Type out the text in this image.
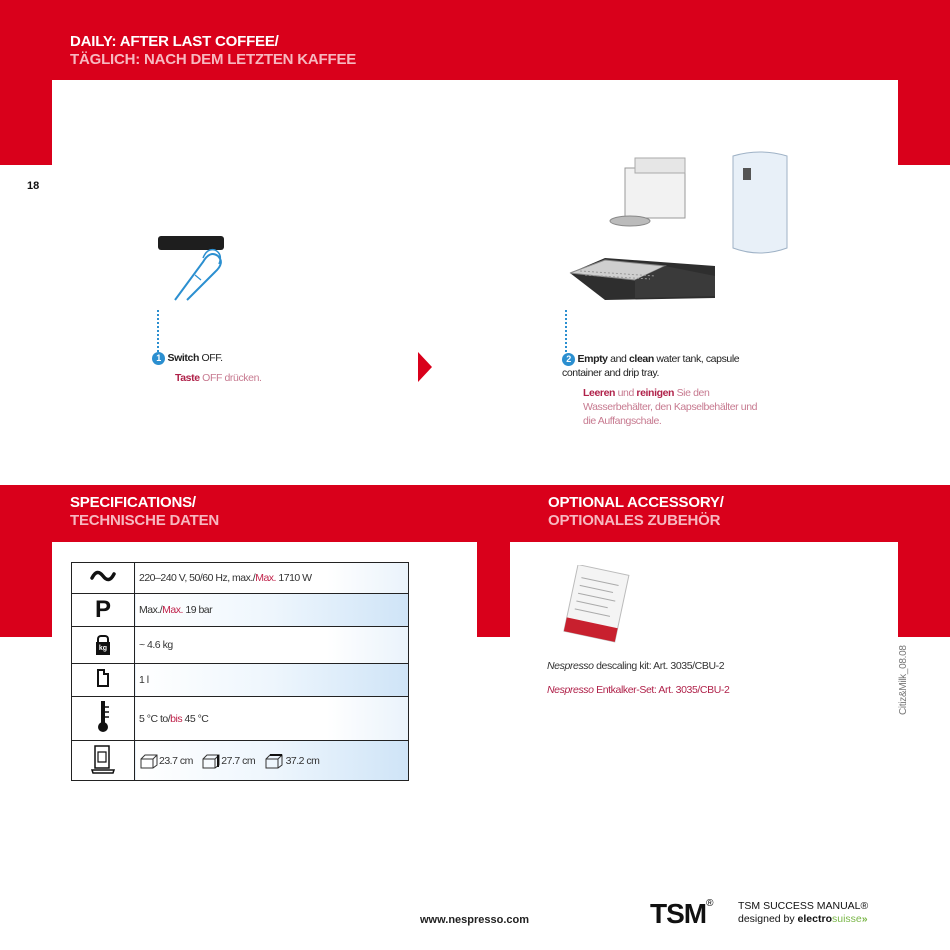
DAILY: AFTER LAST COFFEE/
TÄGLICH: NACH DEM LETZTEN KAFFEE
18
1 Switch OFF.
Taste OFF drücken.
2 Empty and clean water tank, capsule container and drip tray.
Leeren und reinigen Sie den Wasserbehälter, den Kapselbehälter und die Auffangschale.
SPECIFICATIONS/
TECHNISCHE DATEN
OPTIONAL ACCESSORY/
OPTIONALES ZUBEHÖR
	220–240 V, 50/60 Hz, max./Max. 1710 W
P	Max./Max. 19 bar

kg	~ 4.6 kg
	1 l
	5 °C to/bis 45 °C
	23.7 cm 27.7 cm 37.2 cm
Nespresso descaling kit: Art. 3035/CBU-2
Nespresso Entkalker-Set: Art. 3035/CBU-2	Citiz&Milk_08.08
www.nespresso.com	TSM® TSM SUCCESS MANUAL®
designed by electrosuisse»
